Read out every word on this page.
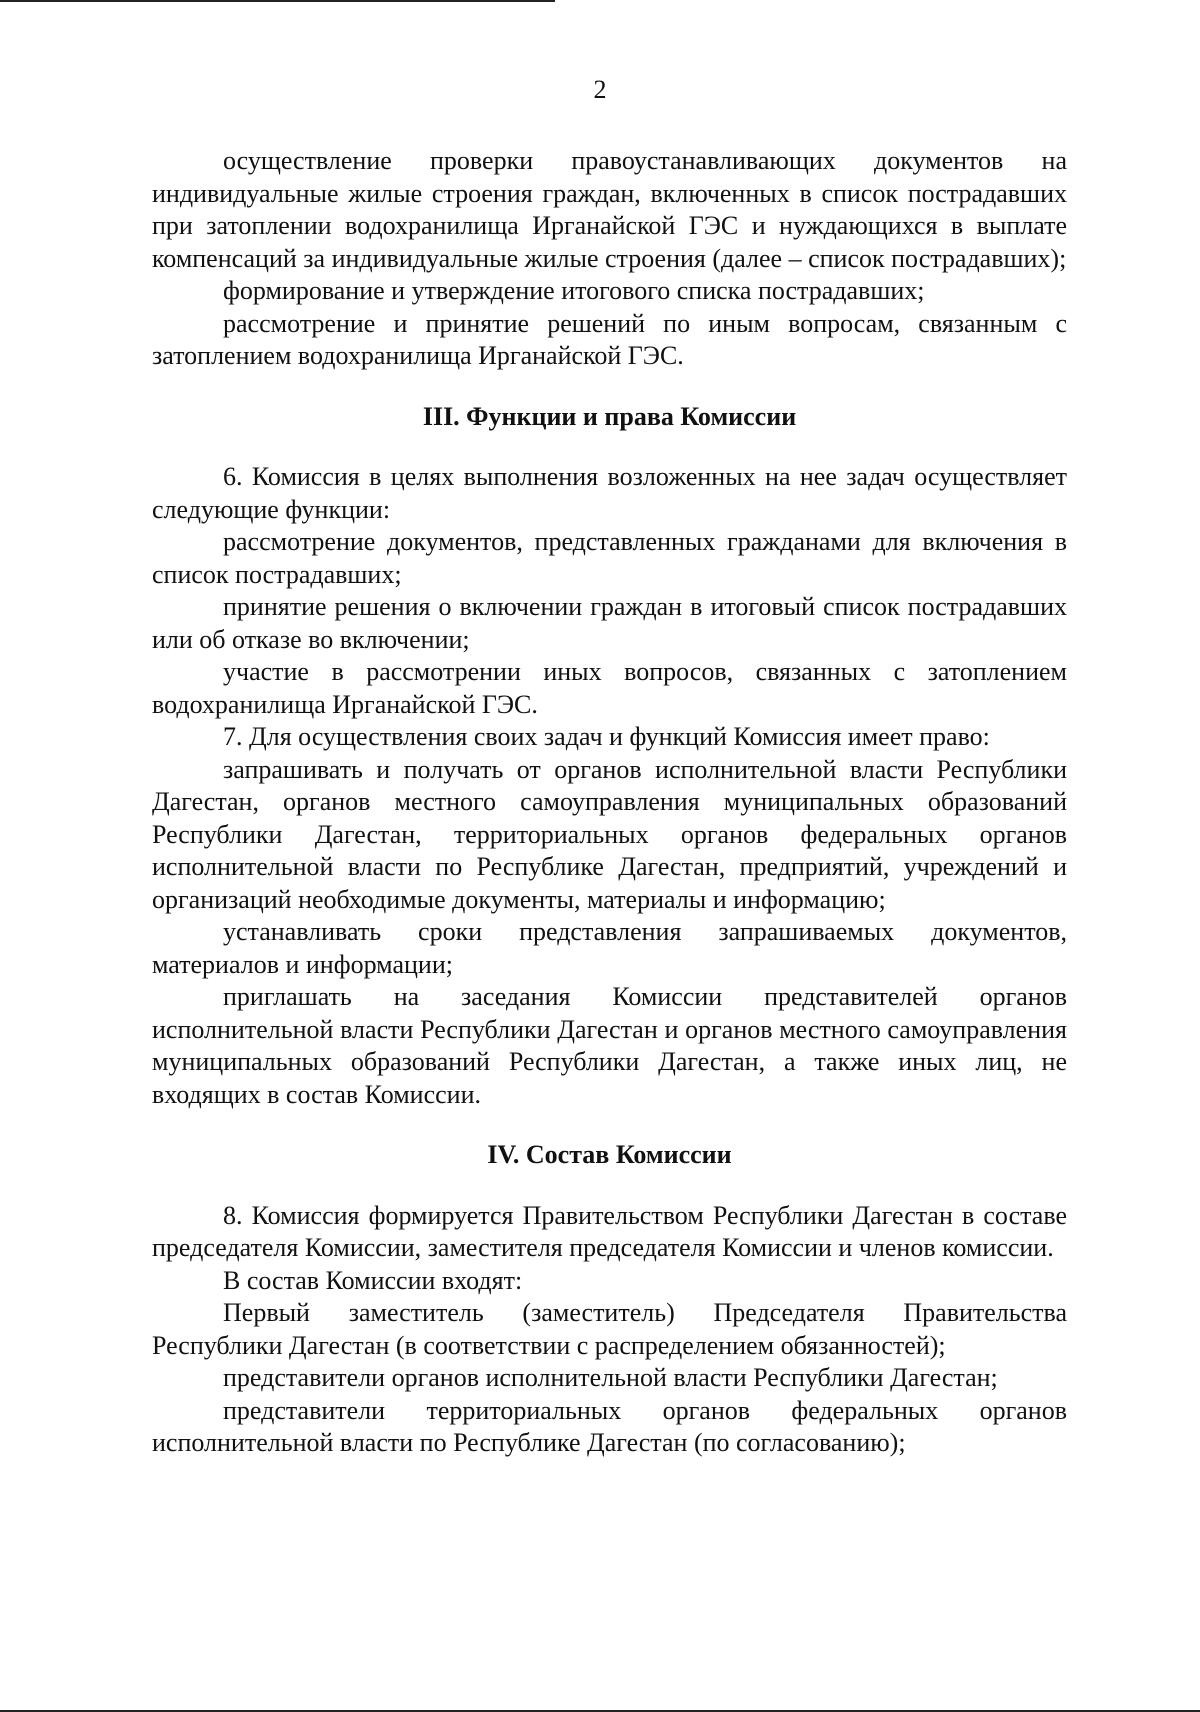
2

осуществление проверки правоустанавливающих документов на индивидуальные жилые строения граждан, включенных в список пострадавших при затоплении водохранилища Ирганайской ГЭС и нуждающихся в выплате компенсаций за индивидуальные жилые строения (далее – список пострадавших);

формирование и утверждение итогового списка пострадавших;

рассмотрение и принятие решений по иным вопросам, связанным с затоплением водохранилища Ирганайской ГЭС.

III. Функции и права Комиссии

6. Комиссия в целях выполнения возложенных на нее задач осуществляет следующие функции:

рассмотрение документов, представленных гражданами для включения в список пострадавших;

принятие решения о включении граждан в итоговый список пострадавших или об отказе во включении;

участие в рассмотрении иных вопросов, связанных с затоплением водохранилища Ирганайской ГЭС.

7. Для осуществления своих задач и функций Комиссия имеет право:

запрашивать и получать от органов исполнительной власти Республики Дагестан, органов местного самоуправления муниципальных образований Республики Дагестан, территориальных органов федеральных органов исполнительной власти по Республике Дагестан, предприятий, учреждений и организаций необходимые документы, материалы и информацию;

устанавливать сроки представления запрашиваемых документов, материалов и информации;

приглашать на заседания Комиссии представителей органов исполнительной власти Республики Дагестан и органов местного самоуправления муниципальных образований Республики Дагестан, а также иных лиц, не входящих в состав Комиссии.

IV. Состав Комиссии

8. Комиссия формируется Правительством Республики Дагестан в составе председателя Комиссии, заместителя председателя Комиссии и членов комиссии.

В состав Комиссии входят:

Первый заместитель (заместитель) Председателя Правительства Республики Дагестан (в соответствии с распределением обязанностей);

представители органов исполнительной власти Республики Дагестан;

представители территориальных органов федеральных органов исполнительной власти по Республике Дагестан (по согласованию);
